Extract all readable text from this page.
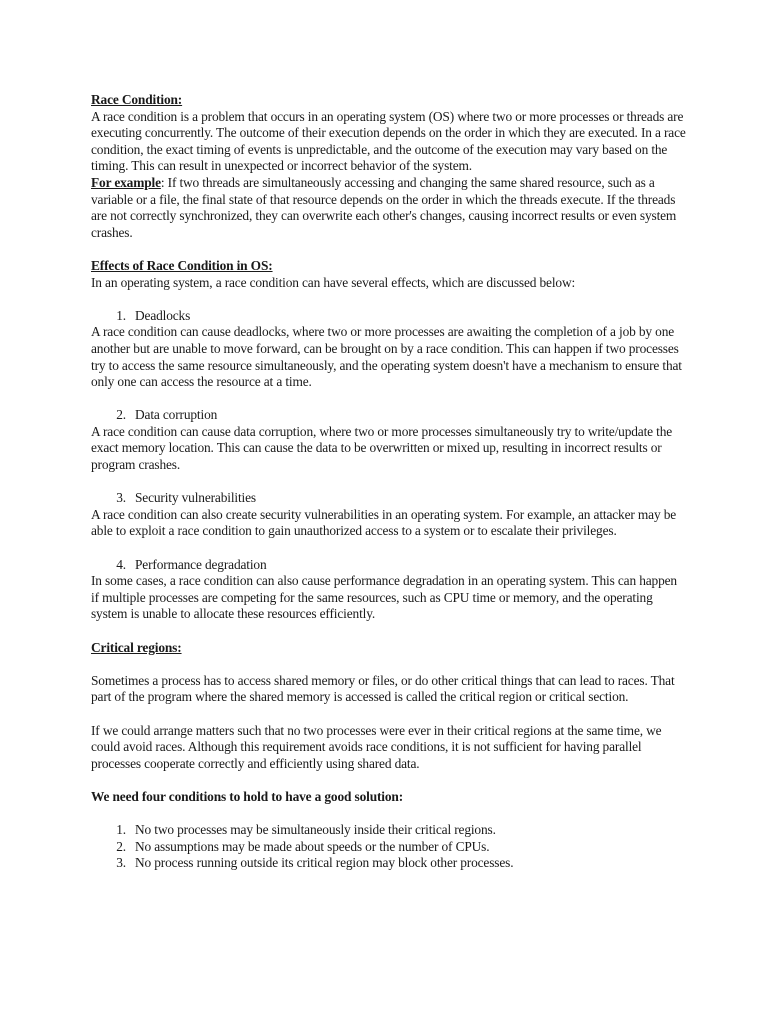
Race Condition:

A race condition is a problem that occurs in an operating system (OS) where two or more processes or threads are executing concurrently. The outcome of their execution depends on the order in which they are executed. In a race condition, the exact timing of events is unpredictable, and the outcome of the execution may vary based on the timing. This can result in unexpected or incorrect behavior of the system.

For example: If two threads are simultaneously accessing and changing the same shared resource, such as a variable or a file, the final state of that resource depends on the order in which the threads execute. If the threads are not correctly synchronized, they can overwrite each other's changes, causing incorrect results or even system crashes.

Effects of Race Condition in OS:

In an operating system, a race condition can have several effects, which are discussed below:

1. Deadlocks

A race condition can cause deadlocks, where two or more processes are awaiting the completion of a job by one another but are unable to move forward, can be brought on by a race condition. This can happen if two processes try to access the same resource simultaneously, and the operating system doesn't have a mechanism to ensure that only one can access the resource at a time.

2. Data corruption

A race condition can cause data corruption, where two or more processes simultaneously try to write/update the exact memory location. This can cause the data to be overwritten or mixed up, resulting in incorrect results or program crashes.

3. Security vulnerabilities

A race condition can also create security vulnerabilities in an operating system. For example, an attacker may be able to exploit a race condition to gain unauthorized access to a system or to escalate their privileges.

4. Performance degradation

In some cases, a race condition can also cause performance degradation in an operating system. This can happen if multiple processes are competing for the same resources, such as CPU time or memory, and the operating system is unable to allocate these resources efficiently.

Critical regions:

Sometimes a process has to access shared memory or files, or do other critical things that can lead to races. That part of the program where the shared memory is accessed is called the critical region or critical section.

If we could arrange matters such that no two processes were ever in their critical regions at the same time, we could avoid races. Although this requirement avoids race conditions, it is not sufficient for having parallel processes cooperate correctly and efficiently using shared data.

We need four conditions to hold to have a good solution:

1. No two processes may be simultaneously inside their critical regions.
2. No assumptions may be made about speeds or the number of CPUs.
3. No process running outside its critical region may block other processes.
